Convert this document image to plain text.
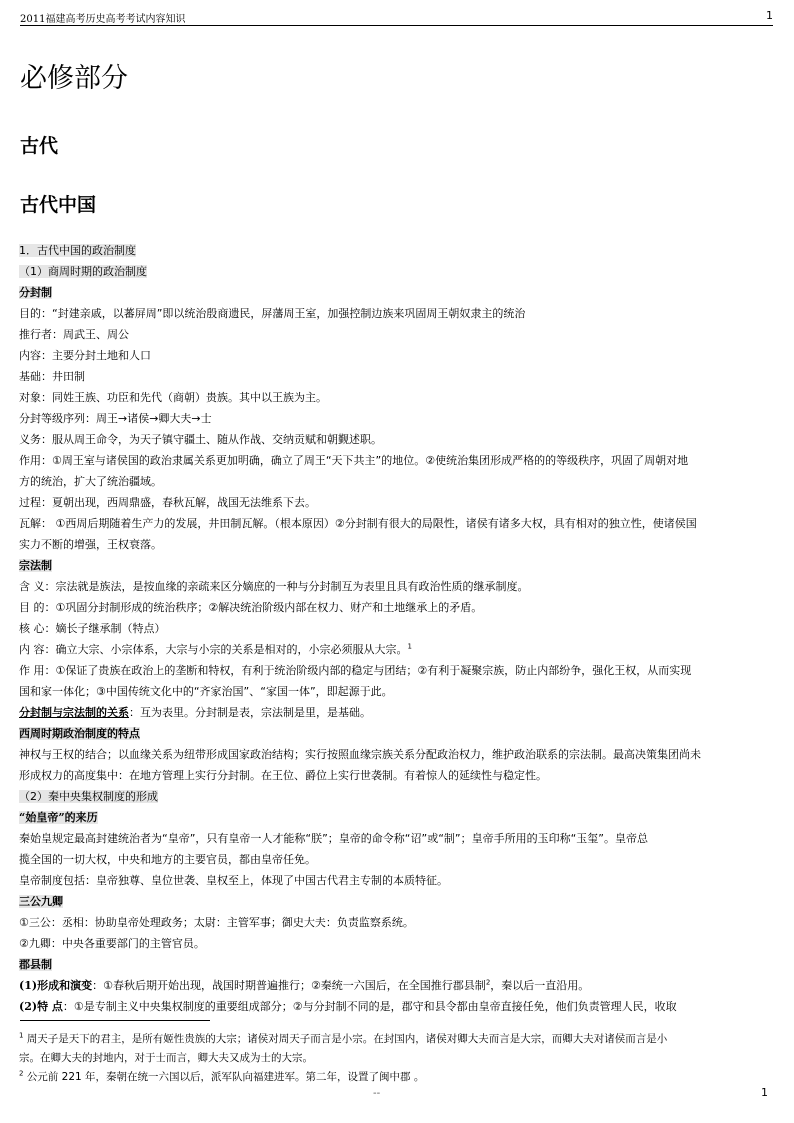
2011福建高考历史高考考试内容知识	1
必修部分
古代
古代中国
1．古代中国的政治制度
（1）商周时期的政治制度
分封制
目的：“封建亲戚，以蕃屏周”即以统治殷商遗民，屏藩周王室，加强控制边族来巩固周王朝奴隶主的统治
推行者：周武王、周公
内容：主要分封土地和人口
基础：井田制
对象：同姓王族、功臣和先代（商朝）贵族。其中以王族为主。
分封等级序列：周王→诸侯→卿大夫→士
义务：服从周王命令，为天子镇守疆土、随从作战、交纳贡赋和朝觐述职。
作用：①周王室与诸侯国的政治隶属关系更加明确，确立了周王“天下共主”的地位。②使统治集团形成严格的的等级秩序，巩固了周朝对地
方的统治，扩大了统治疆域。
过程：夏朝出现，西周鼎盛，春秋瓦解，战国无法维系下去。
瓦解： ①西周后期随着生产力的发展，井田制瓦解。（根本原因）②分封制有很大的局限性，诸侯有诸多大权，具有相对的独立性，使诸侯国
实力不断的增强，王权衰落。
宗法制
含 义：宗法就是族法，是按血缘的亲疏来区分嫡庶的一种与分封制互为表里且具有政治性质的继承制度。
目 的：①巩固分封制形成的统治秩序；②解决统治阶级内部在权力、财产和土地继承上的矛盾。
核 心：嫡长子继承制（特点）
内 容：确立大宗、小宗体系，大宗与小宗的关系是相对的，小宗必须服从大宗。$^1$
作 用：①保证了贵族在政治上的垄断和特权，有利于统治阶级内部的稳定与团结；②有利于凝聚宗族，防止内部纷争，强化王权，从而实现
国和家一体化；③中国传统文化中的“齐家治国”、“家国一体”，即起源于此。
分封制与宗法制的关系：互为表里。分封制是表，宗法制是里，是基础。
西周时期政治制度的特点
神权与王权的结合；以血缘关系为纽带形成国家政治结构；实行按照血缘宗族关系分配政治权力，维护政治联系的宗法制。最高决策集团尚未
形成权力的高度集中：在地方管理上实行分封制。在王位、爵位上实行世袭制。有着惊人的延续性与稳定性。
（2）秦中央集权制度的形成
“始皇帝”的来历
秦始皇规定最高封建统治者为“皇帝”，只有皇帝一人才能称“朕”；皇帝的命令称“诏”或“制”；皇帝手所用的玉印称“玉玺”。皇帝总
揽全国的一切大权，中央和地方的主要官员，都由皇帝任免。
皇帝制度包括：皇帝独尊、皇位世袭、皇权至上，体现了中国古代君主专制的本质特征。
三公九卿
①三公：丞相：协助皇帝处理政务；太尉：主管军事；御史大夫：负责监察系统。
②九卿：中央各重要部门的主管官员。
郡县制
(1)形成和演变：①春秋后期开始出现，战国时期普遍推行；②秦统一六国后，在全国推行郡县制$^2$，秦以后一直沿用。
(2)特 点：①是专制主义中央集权制度的重要组成部分；②与分封制不同的是，郡守和县令都由皇帝直接任免，他们负责管理人民，收取
$^1$ 周天子是天下的君主，是所有姬性贵族的大宗；诸侯对周天子而言是小宗。在封国内，诸侯对卿大夫而言是大宗，而卿大夫对诸侯而言是小
宗。在卿大夫的封地内，对于士而言，卿大夫又成为士的大宗。
$^2$ 公元前 221 年，秦朝在统一六国以后，派军队向福建进军。第二年，设置了闽中郡 。
--	1
